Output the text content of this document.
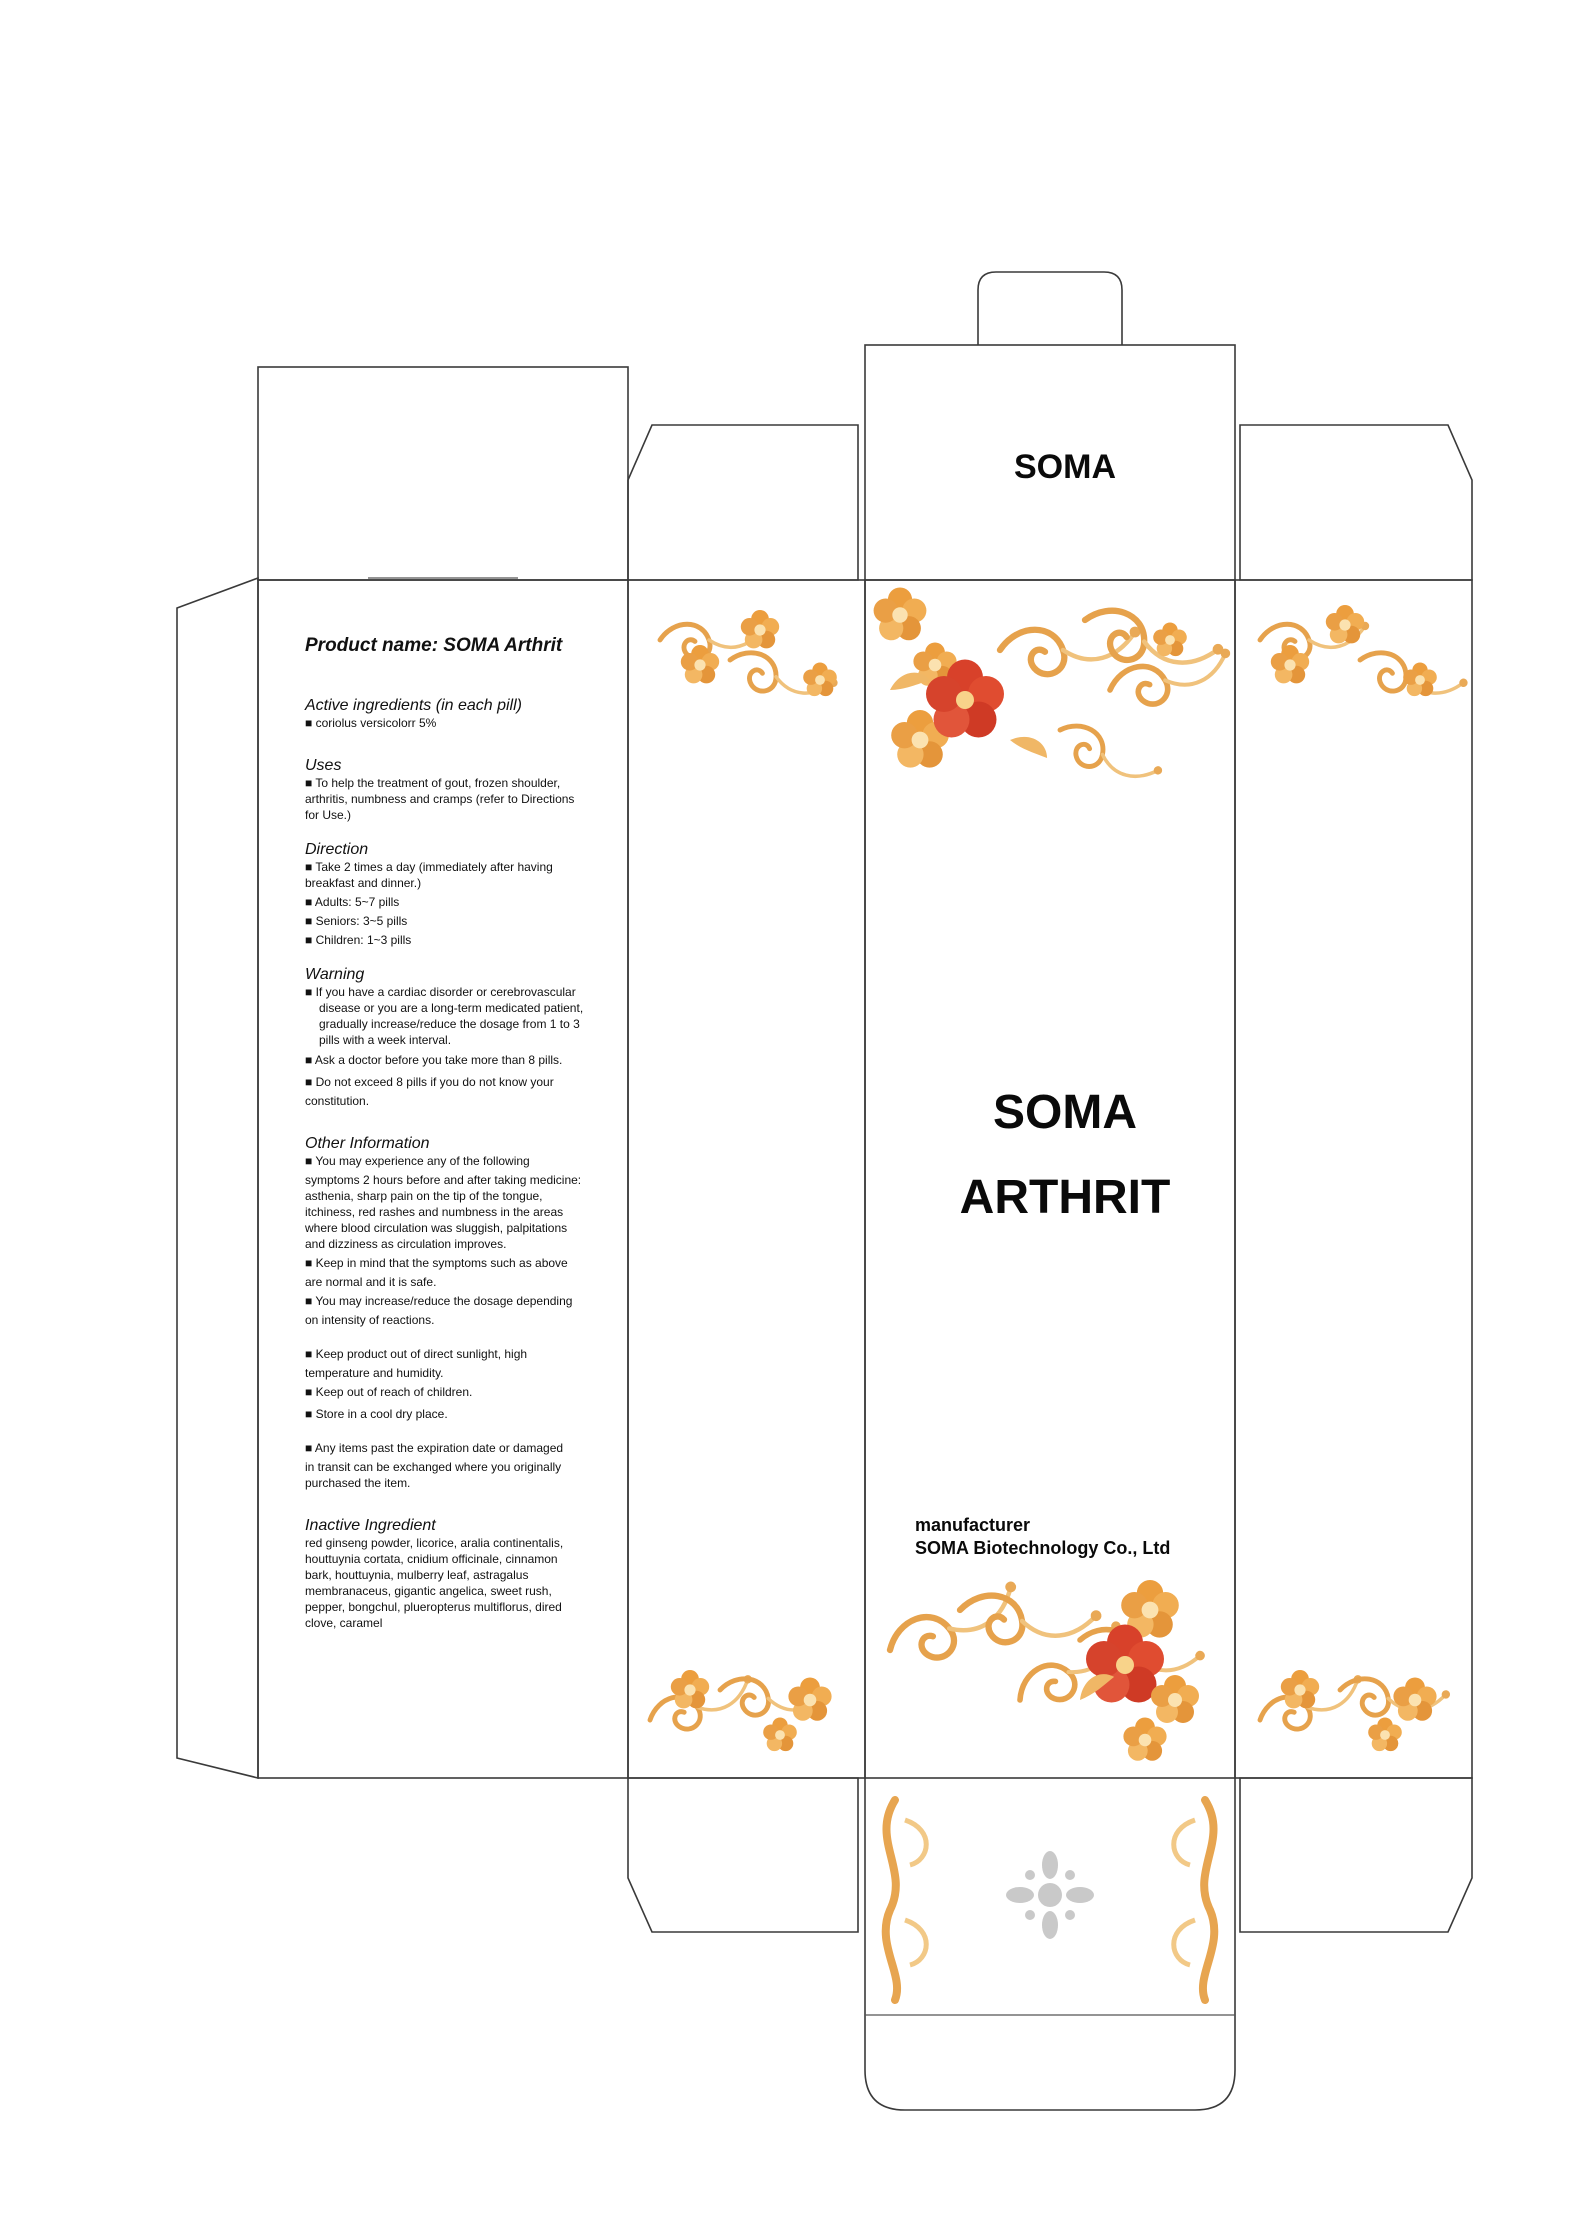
SOMA
SOMA
ARTHRIT
manufacturer
SOMA Biotechnology Co., Ltd

Product name: SOMA Arthrit

Active ingredients (in each pill)

■ coriolus versicolorr 5%

Uses

■ To help the treatment of gout, frozen shoulder,

arthritis, numbness and cramps (refer to Directions

for Use.)

Direction

■ Take 2 times a day (immediately after having

breakfast and dinner.)

■ Adults: 5~7 pills

■ Seniors: 3~5 pills

■ Children: 1~3 pills

Warning

■ If you have a cardiac disorder or cerebrovascular

disease or you are a long-term medicated patient,

gradually increase/reduce the dosage from 1 to 3

pills with a week interval.

■ Ask a doctor before you take more than 8 pills.

■ Do not exceed 8 pills if you do not know your

constitution.

Other Information

■ You may experience any of the following

symptoms 2 hours before and after taking medicine:

asthenia, sharp pain on the tip of the tongue,

itchiness, red rashes and numbness in the areas

where blood circulation was sluggish, palpitations

and dizziness as circulation improves.

■ Keep in mind that the symptoms such as above

are normal and it is safe.

■ You may increase/reduce the dosage depending

on intensity of reactions.

■ Keep product out of direct sunlight, high

temperature and humidity.

■ Keep out of reach of children.

■ Store in a cool dry place.

■ Any items past the expiration date or damaged

in transit can be exchanged where you originally

purchased the item.

Inactive Ingredient

red ginseng powder, licorice, aralia continentalis,

houttuynia cortata, cnidium officinale, cinnamon

bark, houttuynia, mulberry leaf, astragalus

membranaceus, gigantic angelica, sweet rush,

pepper, bongchul, plueropterus multiflorus, dired

clove, caramel
